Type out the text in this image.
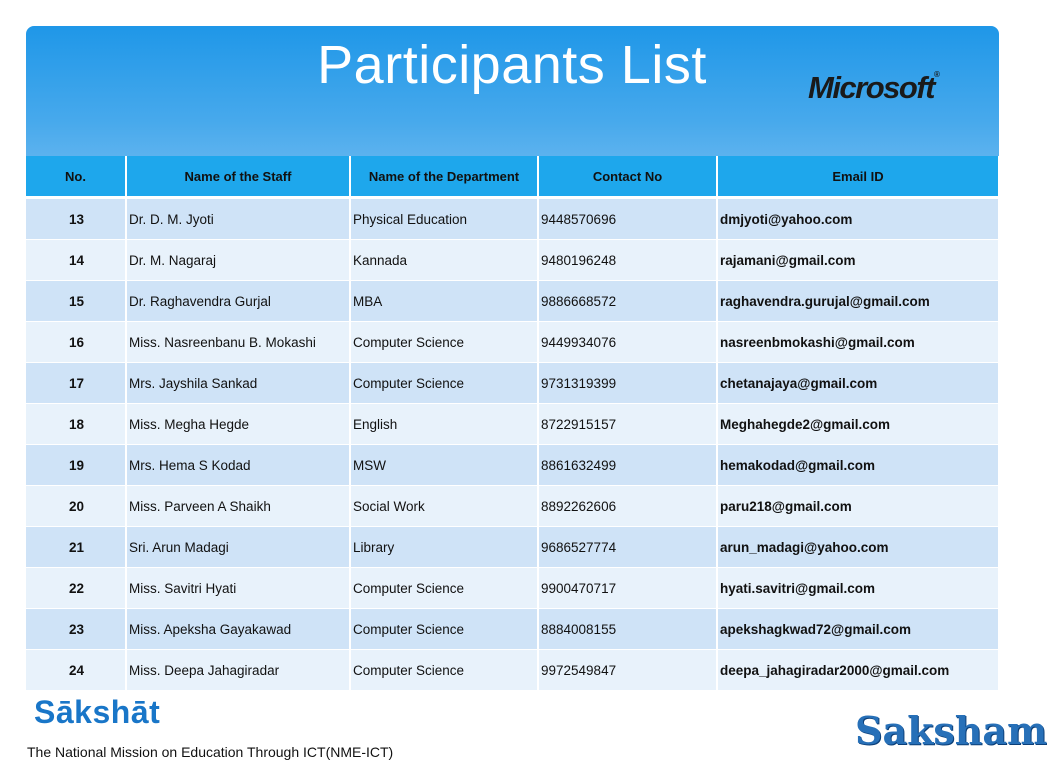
Participants List	Microsoft®
No.	Name of the Staff	Name of the Department	Contact No	Email ID
13	Dr. D. M. Jyoti	Physical Education	9448570696	dmjyoti@yahoo.com
14	Dr. M. Nagaraj	Kannada	9480196248	rajamani@gmail.com
15	Dr. Raghavendra Gurjal	MBA	9886668572	raghavendra.gurujal@gmail.com
16	Miss. Nasreenbanu B. Mokashi	Computer Science	9449934076	nasreenbmokashi@gmail.com
17	Mrs. Jayshila Sankad	Computer Science	9731319399	chetanajaya@gmail.com
18	Miss. Megha Hegde	English	8722915157	Meghahegde2@gmail.com
19	Mrs. Hema S Kodad	MSW	8861632499	hemakodad@gmail.com
20	Miss. Parveen A Shaikh	Social Work	8892262606	paru218@gmail.com
21	Sri. Arun Madagi	Library	9686527774	arun_madagi@yahoo.com
22	Miss. Savitri Hyati	Computer Science	9900470717	hyati.savitri@gmail.com
23	Miss. Apeksha Gayakawad	Computer Science	8884008155	apekshagkwad72@gmail.com
24	Miss. Deepa Jahagiradar	Computer Science	9972549847	deepa_jahagiradar2000@gmail.com
Sākshāt
The National Mission on Education Through ICT(NME-ICT)	Saksham
